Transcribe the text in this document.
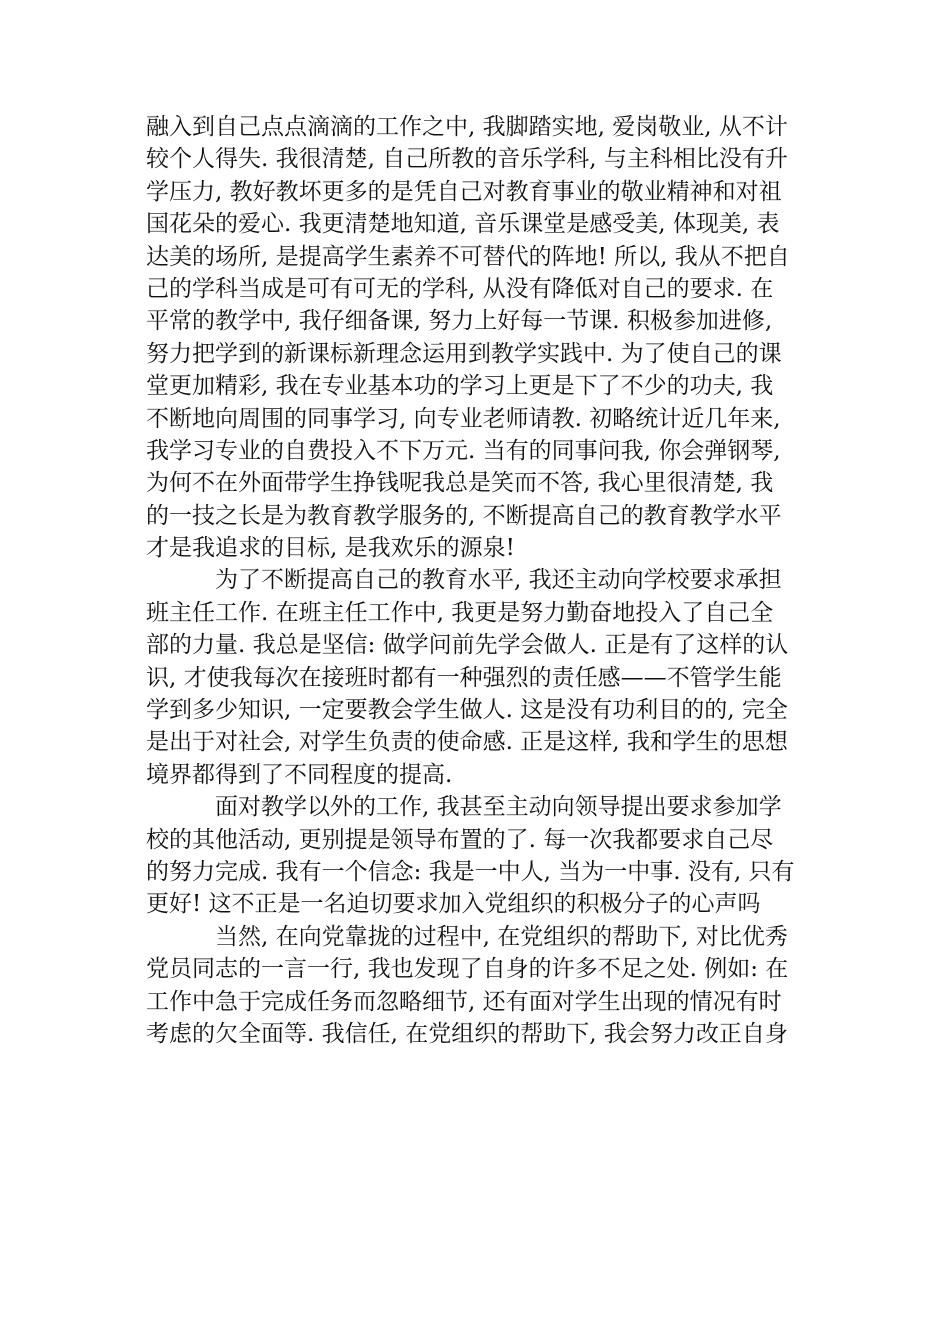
融入到自己点点滴滴的工作之中, 我脚踏实地, 爱岗敬业, 从不计
较个人得失. 我很清楚, 自己所教的音乐学科, 与主科相比没有升
学压力, 教好教坏更多的是凭自己对教育事业的敬业精神和对祖
国花朵的爱心. 我更清楚地知道, 音乐课堂是感受美, 体现美, 表
达美的场所, 是提高学生素养不可替代的阵地! 所以, 我从不把自
己的学科当成是可有可无的学科, 从没有降低对自己的要求. 在
平常的教学中, 我仔细备课, 努力上好每一节课. 积极参加进修,
努力把学到的新课标新理念运用到教学实践中. 为了使自己的课
堂更加精彩, 我在专业基本功的学习上更是下了不少的功夫, 我
不断地向周围的同事学习, 向专业老师请教. 初略统计近几年来,
我学习专业的自费投入不下万元. 当有的同事问我, 你会弹钢琴,
为何不在外面带学生挣钱呢我总是笑而不答, 我心里很清楚, 我
的一技之长是为教育教学服务的, 不断提高自己的教育教学水平
才是我追求的目标, 是我欢乐的源泉!
　　　为了不断提高自己的教育水平, 我还主动向学校要求承担
班主任工作. 在班主任工作中, 我更是努力勤奋地投入了自己全
部的力量. 我总是坚信: 做学问前先学会做人. 正是有了这样的认
识, 才使我每次在接班时都有一种强烈的责任感——不管学生能
学到多少知识, 一定要教会学生做人. 这是没有功利目的的, 完全
是出于对社会, 对学生负责的使命感. 正是这样, 我和学生的思想
境界都得到了不同程度的提高.
　　　面对教学以外的工作, 我甚至主动向领导提出要求参加学
校的其他活动, 更别提是领导布置的了. 每一次我都要求自己尽
的努力完成. 我有一个信念: 我是一中人, 当为一中事. 没有, 只有
更好! 这不正是一名迫切要求加入党组织的积极分子的心声吗
　　　当然, 在向党靠拢的过程中, 在党组织的帮助下, 对比优秀
党员同志的一言一行, 我也发现了自身的许多不足之处. 例如: 在
工作中急于完成任务而忽略细节, 还有面对学生出现的情况有时
考虑的欠全面等. 我信任, 在党组织的帮助下, 我会努力改正自身
